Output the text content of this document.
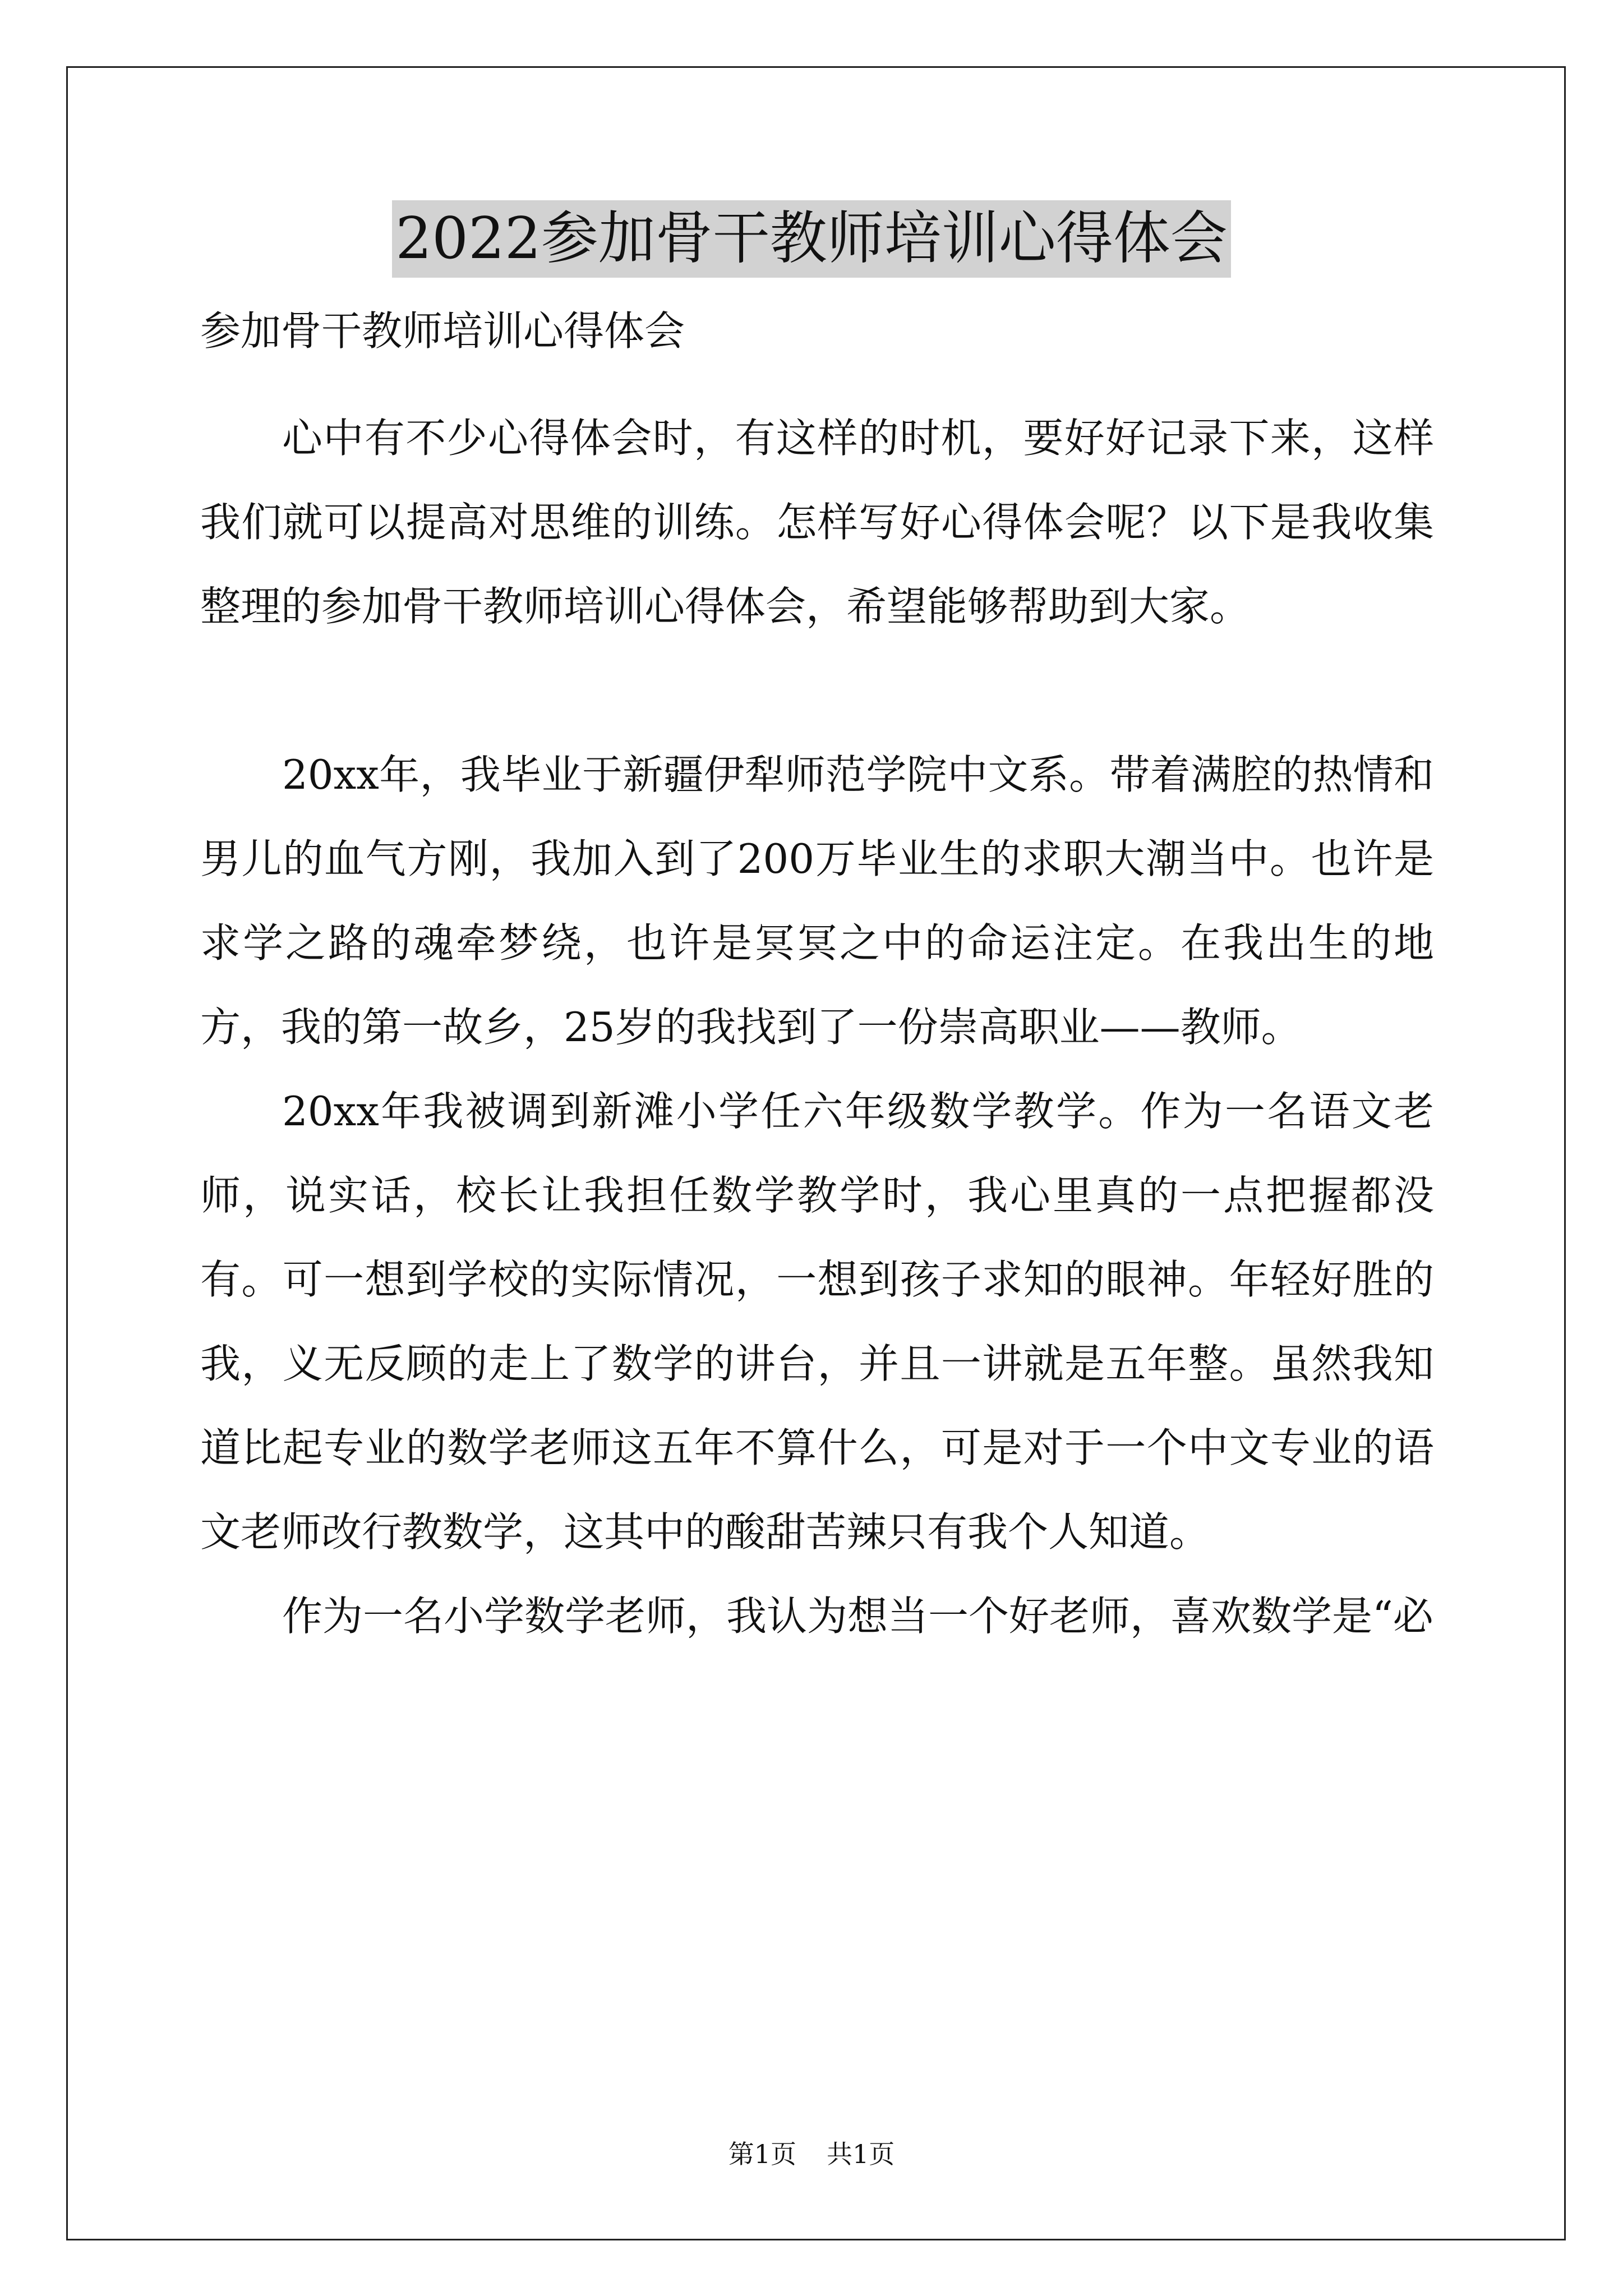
2022参加骨干教师培训心得体会

参加骨干教师培训心得体会

心中有不少心得体会时，有这样的时机，要好好记录下来，这样我们就可以提高对思维的训练。怎样写好心得体会呢？以下是我收集整理的参加骨干教师培训心得体会，希望能够帮助到大家。

20xx年，我毕业于新疆伊犁师范学院中文系。带着满腔的热情和男儿的血气方刚，我加入到了200万毕业生的求职大潮当中。也许是求学之路的魂牵梦绕，也许是冥冥之中的命运注定。在我出生的地方，我的第一故乡，25岁的我找到了一份崇高职业——教师。

20xx年我被调到新滩小学任六年级数学教学。作为一名语文老师，说实话，校长让我担任数学教学时，我心里真的一点把握都没有。可一想到学校的实际情况，一想到孩子求知的眼神。年轻好胜的我，义无反顾的走上了数学的讲台，并且一讲就是五年整。虽然我知道比起专业的数学老师这五年不算什么，可是对于一个中文专业的语文老师改行教数学，这其中的酸甜苦辣只有我个人知道。

作为一名小学数学老师，我认为想当一个好老师，喜欢数学是“必

第1页 共1页
